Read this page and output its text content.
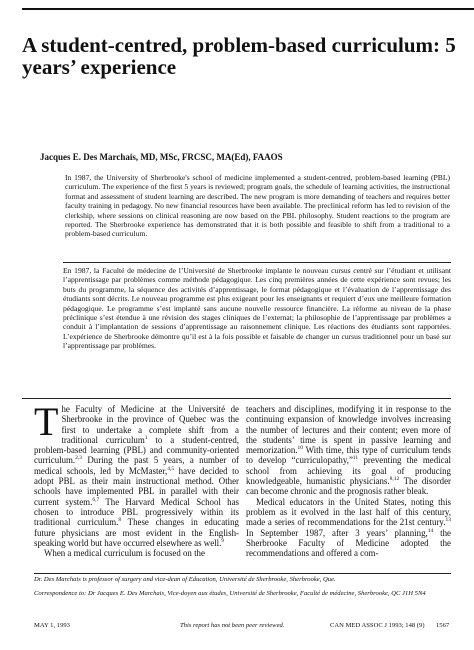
A student-centred, problem-based curriculum: 5 years’ experience

Jacques E. Des Marchais, MD, MSc, FRCSC, MA(Ed), FAAOS

In 1987, the University of Sherbrooke's school of medicine implemented a student-centred, problem-based learning (PBL) curriculum. The experience of the first 5 years is reviewed; program goals, the schedule of learning activities, the instructional format and assessment of student learning are described. The new program is more demanding of teachers and requires better faculty training in pedagogy. No new financial resources have been available. The preclinical reform has led to revision of the clerkship, where sessions on clinical reasoning are now based on the PBL philosophy. Student reactions to the program are reported. The Sherbrooke experience has demonstrated that it is both possible and feasible to shift from a traditional to a problem-based curriculum.

En 1987, la Faculté de médecine de l’Université de Sherbrooke implante le nouveau cursus centré sur l’étudiant et utilisant l’apprentissage par problèmes comme méthode pédagogique. Les cinq premières années de cette expérience sont revues; les buts du programme, la séquence des activités d’apprentissage, le format pédagogique et l’évaluation de l’apprentissage des étudiants sont décrits. Le nouveau programme est plus exigeant pour les enseignants et requiert d’eux une meilleure formation pédagogique. Le programme s’est implanté sans aucune nouvelle ressource financière. La réforme au niveau de la phase préclinique s’est étendue à une révision des stages cliniques de l’externat; la philosophie de l’apprentissage par problèmes a conduit à l’implantation de sessions d’apprentissage au raisonnement clinique. Les réactions des étudiants sont rapportées. L’expérience de Sherbrooke démontre qu’il est à la fois possible et faisable de changer un cursus traditionnel pour un basé sur l’apprentissage par problèmes.

The Faculty of Medicine at the Université de Sherbrooke in the province of Quebec was the first to undertake a complete shift from a traditional curriculum$^1$ to a student-centred, problem-based learning (PBL) and community-oriented curriculum.$^{2,3}$ During the past 5 years, a number of medical schools, led by McMaster,$^{4,5}$ have decided to adopt PBL as their main instructional method. Other schools have implemented PBL in parallel with their current system.$^{6,7}$ The Harvard Medical School has chosen to introduce PBL progressively within its traditional curriculum.$^8$ These changes in educating future physicians are most evident in the English-speaking world but have occurred elsewhere as well.$^9$

When a medical curriculum is focused on the

teachers and disciplines, modifying it in response to the continuing expansion of knowledge involves increasing the number of lectures and their content; even more of the students’ time is spent in passive learning and memorization.$^{10}$ With time, this type of curriculum tends to develop “curriculopathy,”$^{11}$ preventing the medical school from achieving its goal of producing knowledgeable, humanistic physicians.$^{8,12}$ The disorder can become chronic and the prognosis rather bleak.

Medical educators in the United States, noting this problem as it evolved in the last half of this century, made a series of recommendations for the 21st century.$^{13}$ In September 1987, after 3 years’ planning,$^{14}$ the Sherbrooke Faculty of Medicine adopted the recommendations and offered a com-

Dr. Des Marchais is professor of surgery and vice-dean of Education, Université de Sherbrooke, Sherbrooke, Que.

Correspondence to: Dr Jacques E. Des Marchais, Vice-doyen aux études, Université de Sherbrooke, Faculté de médecine, Sherbrooke, QC J1H 5N4

MAY 1, 1993	This report has not been peer reviewed.	CAN MED ASSOC J 1993; 148 (9) 1567
